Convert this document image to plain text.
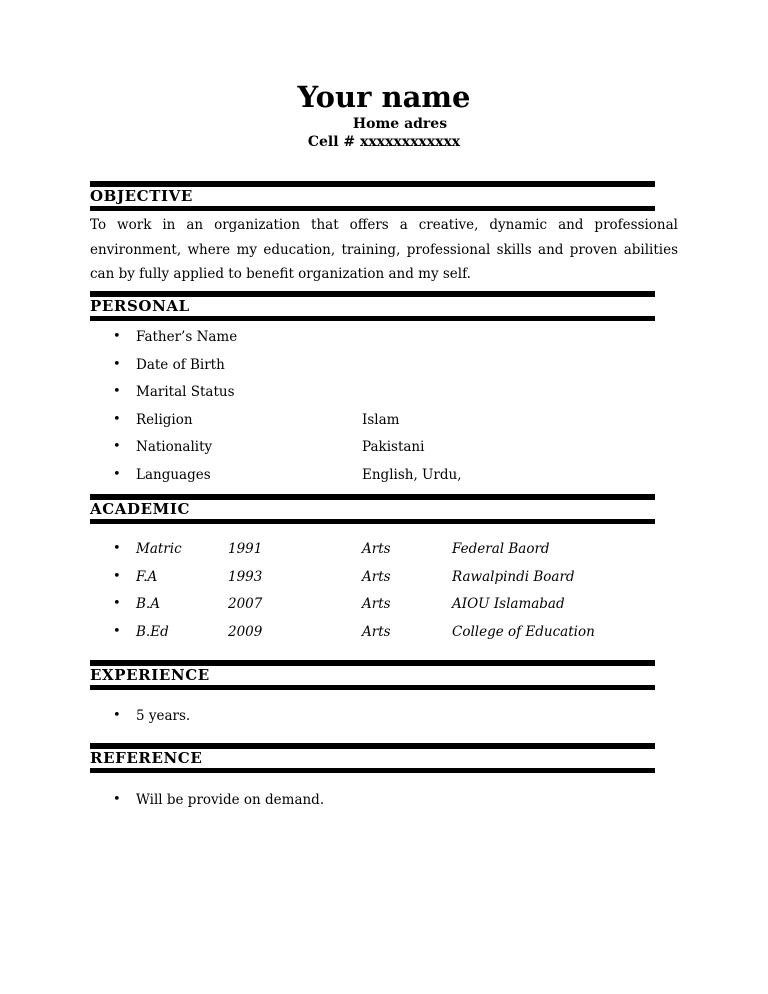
Your name
Home adres
Cell # xxxxxxxxxxxx
OBJECTIVE
To work in an organization that offers a creative, dynamic and professional environment, where my education, training, professional skills and proven abilities can by fully applied to benefit organization and my self.
PERSONAL
• Father’s Name
• Date of Birth
• Marital Status
• Religion	Islam
• Nationality	Pakistani
• Languages	English, Urdu,
ACADEMIC
• Matric	1991	Arts	Federal Baord
• F.A	1993	Arts	Rawalpindi Board
• B.A	2007	Arts	AIOU Islamabad
• B.Ed	2009	Arts	College of Education
EXPERIENCE
• 5 years.
REFERENCE
• Will be provide on demand.
